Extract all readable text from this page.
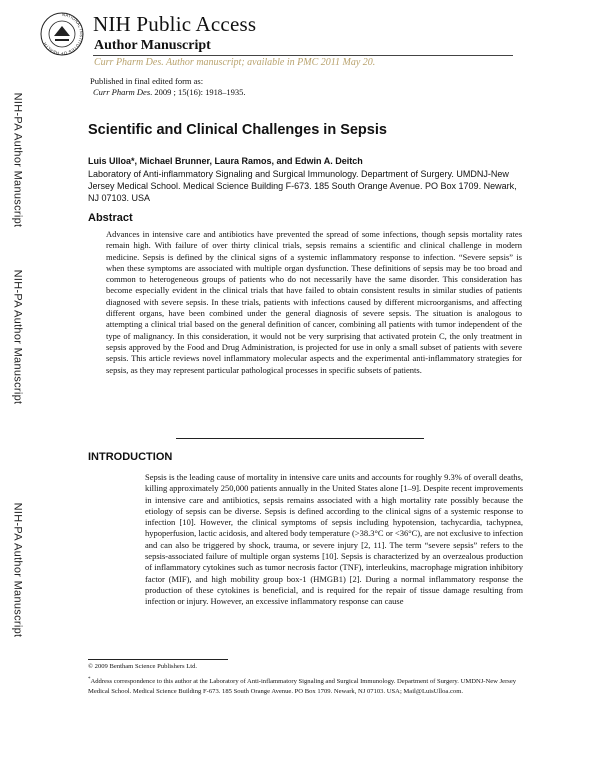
NATIONAL INSTITUTES OF HEALTH
NIH Public Access
Author Manuscript
Curr Pharm Des. Author manuscript; available in PMC 2011 May 20.
Published in final edited form as:
Curr Pharm Des. 2009 ; 15(16): 1918–1935.
NIH-PA Author Manuscript
NIH-PA Author Manuscript
NIH-PA Author Manuscript
Scientific and Clinical Challenges in Sepsis
Luis Ulloa*, Michael Brunner, Laura Ramos, and Edwin A. Deitch
Laboratory of Anti-inflammatory Signaling and Surgical Immunology. Department of Surgery. UMDNJ-New Jersey Medical School. Medical Science Building F-673. 185 South Orange Avenue. PO Box 1709. Newark, NJ 07103. USA
Abstract

Advances in intensive care and antibiotics have prevented the spread of some infections, though sepsis mortality rates remain high. With failure of over thirty clinical trials, sepsis remains a scientific and clinical challenge in modern medicine. Sepsis is defined by the clinical signs of a systemic inflammatory response to infection. “Severe sepsis” is when these symptoms are associated with multiple organ dysfunction. These definitions of sepsis may be too broad and common to heterogeneous groups of patients who do not necessarily have the same disorder. This consideration has become especially evident in the clinical trials that have failed to obtain consistent results in similar studies of patients diagnosed with severe sepsis. In these trials, patients with infections caused by different microorganisms, and affecting different organs, have been combined under the general diagnosis of severe sepsis. The situation is analogous to attempting a clinical trial based on the general definition of cancer, combining all patients with tumor independent of the type of malignancy. In this consideration, it would not be very surprising that activated protein C, the only treatment in sepsis approved by the Food and Drug Administration, is projected for use in only a small subset of patients with severe sepsis. This article reviews novel inflammatory molecular aspects and the experimental anti-inflammatory strategies for sepsis, as they may represent particular pathological processes in specific subsets of patients.

INTRODUCTION

Sepsis is the leading cause of mortality in intensive care units and accounts for roughly 9.3% of overall deaths, killing approximately 250,000 patients annually in the United States alone [1–9]. Despite recent improvements in intensive care and antibiotics, sepsis remains associated with a high mortality rate possibly because the etiology of sepsis can be diverse. Sepsis is defined according to the clinical signs of a systemic response to infection [10]. However, the clinical symptoms of sepsis including hypotension, tachycardia, tachypnea, hypoperfusion, lactic acidosis, and altered body temperature (>38.3°C or <36°C), are not exclusive to infection and can also be triggered by shock, trauma, or severe injury [2, 11]. The term “severe sepsis” refers to the sepsis-associated failure of multiple organ systems [10]. Sepsis is characterized by an overzealous production of inflammatory cytokines such as tumor necrosis factor (TNF), interleukins, macrophage migration inhibitory factor (MIF), and high mobility group box-1 (HMGB1) [2]. During a normal inflammatory response the production of these cytokines is beneficial, and is required for the repair of tissue damage resulting from infection or injury. However, an excessive inflammatory response can cause

© 2009 Bentham Science Publishers Ltd.
*Address correspondence to this author at the Laboratory of Anti-inflammatory Signaling and Surgical Immunology. Department of Surgery. UMDNJ-New Jersey Medical School. Medical Science Building F-673. 185 South Orange Avenue. PO Box 1709. Newark, NJ 07103. USA; Mail@LuisUlloa.com.
